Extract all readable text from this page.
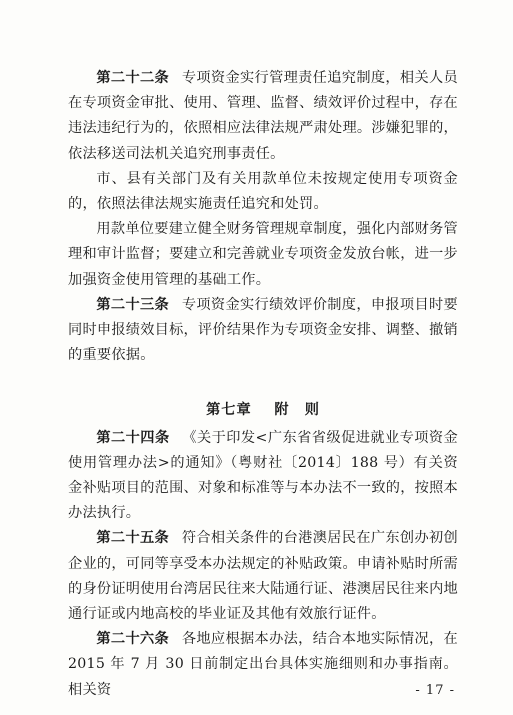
第二十二条 专项资金实行管理责任追究制度，相关人员在专项资金审批、使用、管理、监督、绩效评价过程中，存在违法违纪行为的，依照相应法律法规严肃处理。涉嫌犯罪的，依法移送司法机关追究刑事责任。

市、县有关部门及有关用款单位未按规定使用专项资金的，依照法律法规实施责任追究和处罚。

用款单位要建立健全财务管理规章制度，强化内部财务管理和审计监督；要建立和完善就业专项资金发放台帐，进一步加强资金使用管理的基础工作。

第二十三条 专项资金实行绩效评价制度，申报项目时要同时申报绩效目标，评价结果作为专项资金安排、调整、撤销的重要依据。

第七章 附　则

第二十四条 《关于印发<广东省省级促进就业专项资金使用管理办法>的通知》（粤财社〔2014〕188 号）有关资金补贴项目的范围、对象和标准等与本办法不一致的，按照本办法执行。

第二十五条 符合相关条件的台港澳居民在广东创办初创企业的，可同等享受本办法规定的补贴政策。申请补贴时所需的身份证明使用台湾居民往来大陆通行证、港澳居民往来内地通行证或内地高校的毕业证及其他有效旅行证件。

第二十六条 各地应根据本办法，结合本地实际情况，在 2015 年 7 月 30 日前制定出台具体实施细则和办事指南。相关资	- 17 -
